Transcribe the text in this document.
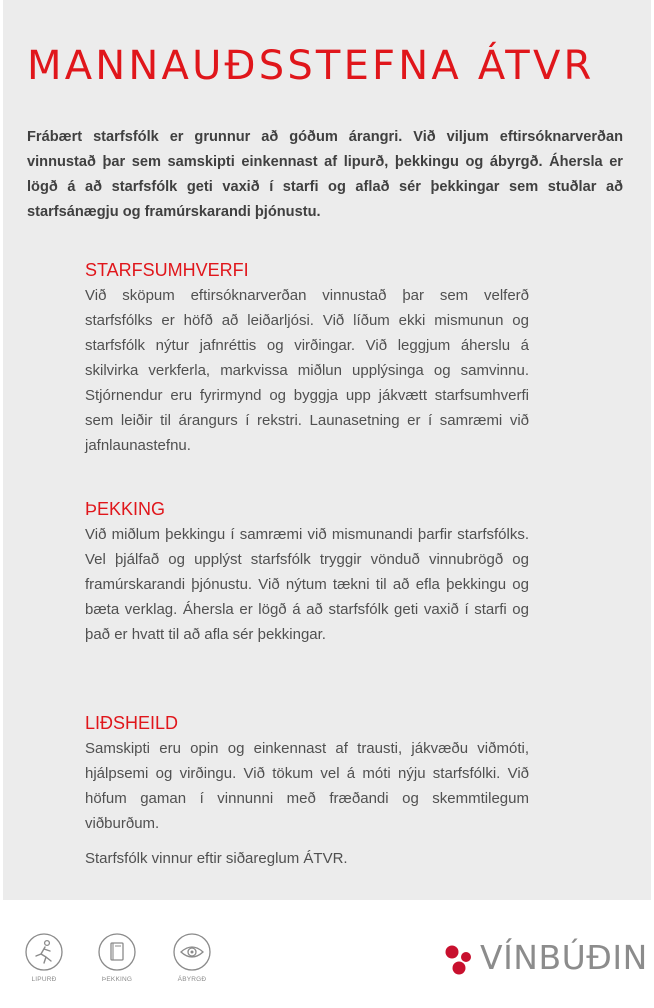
MANNAUÐSSTEFNA ÁTVR

Frábært starfsfólk er grunnur að góðum árangri. Við viljum eftirsóknarverðan vinnustað þar sem samskipti einkennast af lipurð, þekkingu og ábyrgð. Áhersla er lögð á að starfsfólk geti vaxið í starfi og aflað sér þekkingar sem stuðlar að starfsánægju og framúrskarandi þjónustu.

STARFSUMHVERFI

Við sköpum eftirsóknarverðan vinnustað þar sem velferð starfsfólks er höfð að leiðarljósi. Við líðum ekki mismunun og starfsfólk nýtur jafnréttis og virðingar. Við leggjum áherslu á skilvirka verkferla, markvissa miðlun upplýsinga og samvinnu. Stjórnendur eru fyrirmynd og byggja upp jákvætt starfsumhverfi sem leiðir til árangurs í rekstri. Launasetning er í samræmi við jafnlaunastefnu.

ÞEKKING

Við miðlum þekkingu í samræmi við mismunandi þarfir starfsfólks. Vel þjálfað og upplýst starfsfólk tryggir vönduð vinnubrögð og framúrskarandi þjónustu. Við nýtum tækni til að efla þekkingu og bæta verklag. Áhersla er lögð á að starfsfólk geti vaxið í starfi og það er hvatt til að afla sér þekkingar.

LIÐSHEILD

Samskipti eru opin og einkennast af trausti, jákvæðu viðmóti, hjálpsemi og virðingu. Við tökum vel á móti nýju starfsfólki. Við höfum gaman í vinnunni með fræðandi og skemmtilegum viðburðum.

Starfsfólk vinnur eftir siðareglum ÁTVR.

LIPURÐ	ÞEKKING	ÁBYRGÐ
VÍNBÚÐIN
